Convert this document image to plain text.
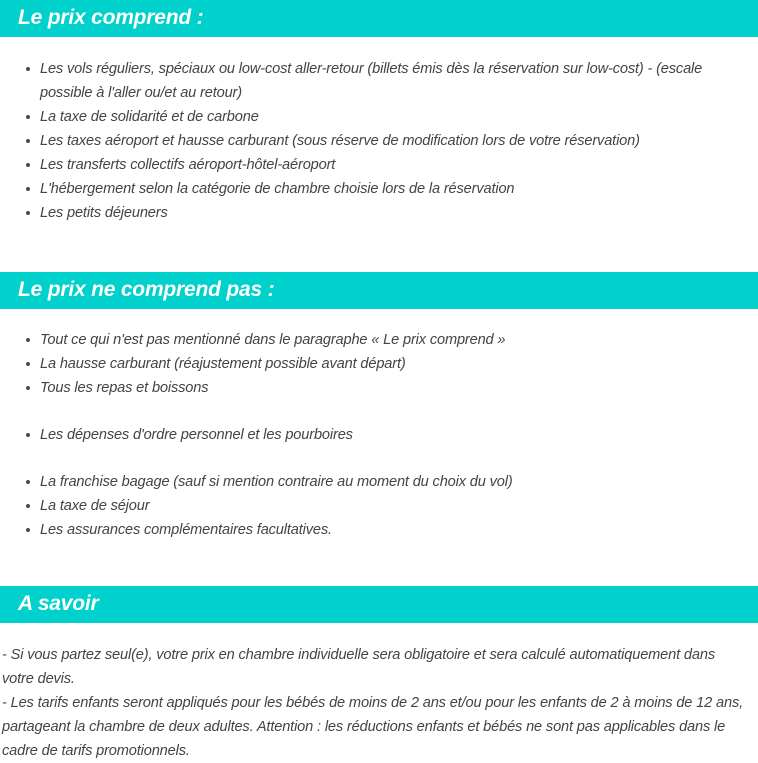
Le prix comprend :
Les vols réguliers, spéciaux ou low-cost aller-retour (billets émis dès la réservation sur low-cost) - (escale possible à l'aller ou/et au retour)
La taxe de solidarité et de carbone
Les taxes aéroport et hausse carburant (sous réserve de modification lors de votre réservation)
Les transferts collectifs aéroport-hôtel-aéroport
L'hébergement selon la catégorie de chambre choisie lors de la réservation
Les petits déjeuners
Le prix ne comprend pas :
Tout ce qui n'est pas mentionné dans le paragraphe « Le prix comprend »
La hausse carburant (réajustement possible avant départ)
Tous les repas et boissons
Les dépenses d'ordre personnel et les pourboires
La franchise bagage (sauf si mention contraire au moment du choix du vol)
La taxe de séjour
Les assurances complémentaires facultatives.
A savoir

- Si vous partez seul(e), votre prix en chambre individuelle sera obligatoire et sera calculé automatiquement dans votre devis.

- Les tarifs enfants seront appliqués pour les bébés de moins de 2 ans et/ou pour les enfants de 2 à moins de 12 ans, partageant la chambre de deux adultes. Attention : les réductions enfants et bébés ne sont pas applicables dans le cadre de tarifs promotionnels.
